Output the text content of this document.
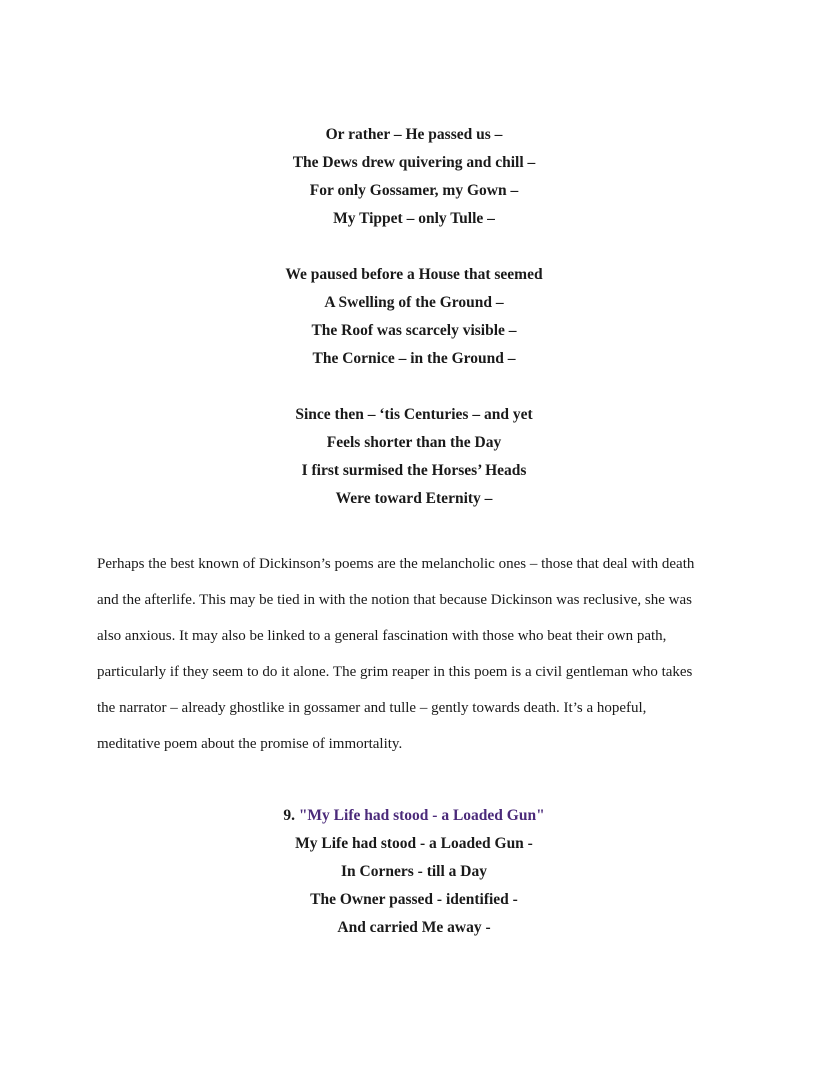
Or rather – He passed us –
The Dews drew quivering and chill –
For only Gossamer, my Gown –
My Tippet – only Tulle –
We paused before a House that seemed
A Swelling of the Ground –
The Roof was scarcely visible –
The Cornice – in the Ground –
Since then – ‘tis Centuries – and yet
Feels shorter than the Day
I first surmised the Horses’ Heads
Were toward Eternity –
Perhaps the best known of Dickinson’s poems are the melancholic ones – those that deal with death
and the afterlife. This may be tied in with the notion that because Dickinson was reclusive, she was
also anxious. It may also be linked to a general fascination with those who beat their own path,
particularly if they seem to do it alone. The grim reaper in this poem is a civil gentleman who takes
the narrator – already ghostlike in gossamer and tulle – gently towards death. It’s a hopeful,
meditative poem about the promise of immortality.
9. "My Life had stood - a Loaded Gun"
My Life had stood - a Loaded Gun -
In Corners - till a Day
The Owner passed - identified -
And carried Me away -
